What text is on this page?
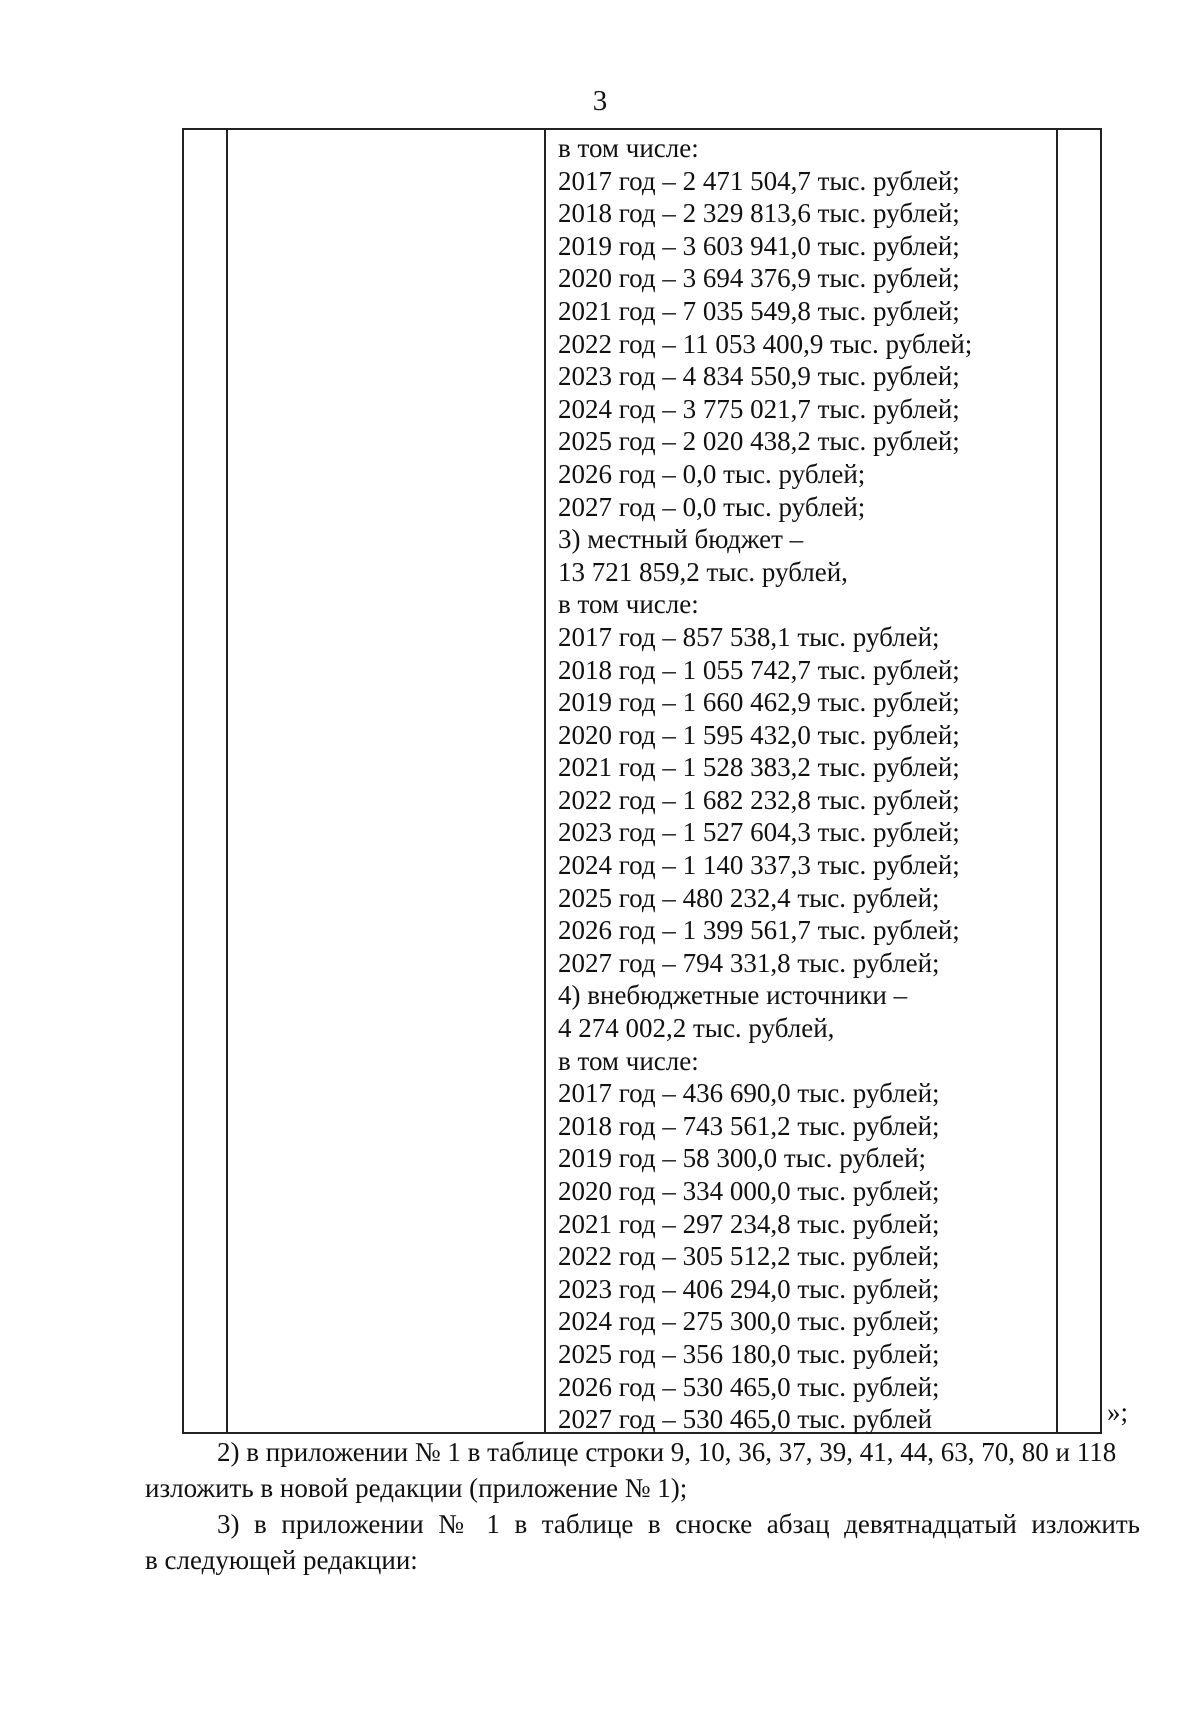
3
в том числе:
2017 год – 2 471 504,7 тыс. рублей;
2018 год – 2 329 813,6 тыс. рублей;
2019 год – 3 603 941,0 тыс. рублей;
2020 год – 3 694 376,9 тыс. рублей;
2021 год – 7 035 549,8 тыс. рублей;
2022 год – 11 053 400,9 тыс. рублей;
2023 год – 4 834 550,9 тыс. рублей;
2024 год – 3 775 021,7 тыс. рублей;
2025 год – 2 020 438,2 тыс. рублей;
2026 год – 0,0 тыс. рублей;
2027 год – 0,0 тыс. рублей;
3) местный бюджет –
13 721 859,2 тыс. рублей,
в том числе:
2017 год – 857 538,1 тыс. рублей;
2018 год – 1 055 742,7 тыс. рублей;
2019 год – 1 660 462,9 тыс. рублей;
2020 год – 1 595 432,0 тыс. рублей;
2021 год – 1 528 383,2 тыс. рублей;
2022 год – 1 682 232,8 тыс. рублей;
2023 год – 1 527 604,3 тыс. рублей;
2024 год – 1 140 337,3 тыс. рублей;
2025 год – 480 232,4 тыс. рублей;
2026 год – 1 399 561,7 тыс. рублей;
2027 год – 794 331,8 тыс. рублей;
4) внебюджетные источники –
4 274 002,2 тыс. рублей,
в том числе:
2017 год – 436 690,0 тыс. рублей;
2018 год – 743 561,2 тыс. рублей;
2019 год – 58 300,0 тыс. рублей;
2020 год – 334 000,0 тыс. рублей;
2021 год – 297 234,8 тыс. рублей;
2022 год – 305 512,2 тыс. рублей;
2023 год – 406 294,0 тыс. рублей;
2024 год – 275 300,0 тыс. рублей;
2025 год – 356 180,0 тыс. рублей;
2026 год – 530 465,0 тыс. рублей;
2027 год – 530 465,0 тыс. рублей	»;

2) в приложении № 1 в таблице строки 9, 10, 36, 37, 39, 41, 44, 63, 70, 80 и 118

изложить в новой редакции (приложение № 1);

3) в приложении № 1 в таблице в сноске абзац девятнадцатый изложить

в следующей редакции:
